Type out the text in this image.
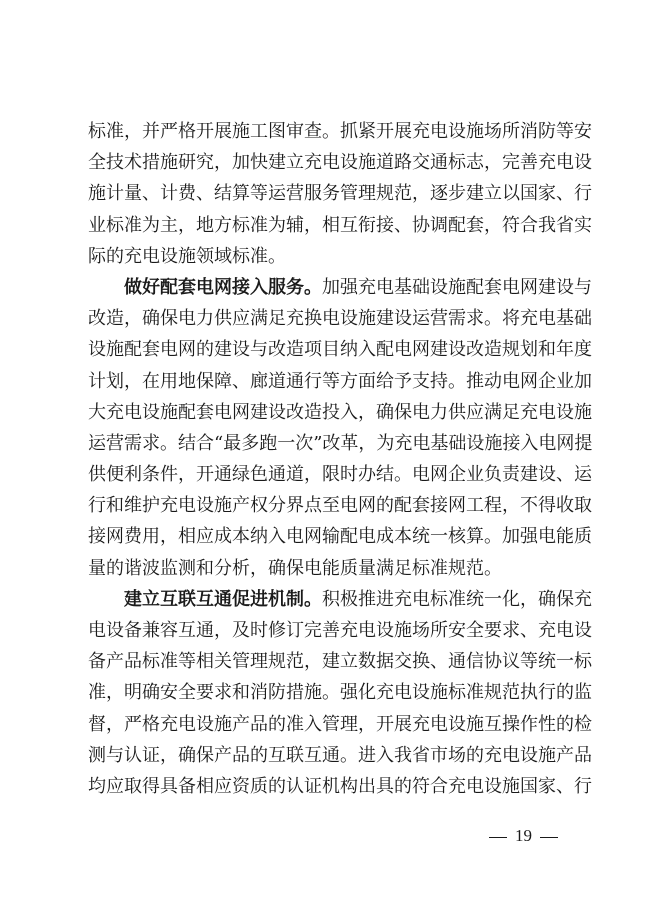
标准，并严格开展施工图审查。抓紧开展充电设施场所消防等安
全技术措施研究，加快建立充电设施道路交通标志，完善充电设
施计量、计费、结算等运营服务管理规范，逐步建立以国家、行
业标准为主，地方标准为辅，相互衔接、协调配套，符合我省实
际的充电设施领域标准。
做好配套电网接入服务。加强充电基础设施配套电网建设与
改造，确保电力供应满足充换电设施建设运营需求。将充电基础
设施配套电网的建设与改造项目纳入配电网建设改造规划和年度
计划，在用地保障、廊道通行等方面给予支持。推动电网企业加
大充电设施配套电网建设改造投入，确保电力供应满足充电设施
运营需求。结合“最多跑一次”改革，为充电基础设施接入电网提
供便利条件，开通绿色通道，限时办结。电网企业负责建设、运
行和维护充电设施产权分界点至电网的配套接网工程，不得收取
接网费用，相应成本纳入电网输配电成本统一核算。加强电能质
量的谐波监测和分析，确保电能质量满足标准规范。
建立互联互通促进机制。积极推进充电标准统一化，确保充
电设备兼容互通，及时修订完善充电设施场所安全要求、充电设
备产品标准等相关管理规范，建立数据交换、通信协议等统一标
准，明确安全要求和消防措施。强化充电设施标准规范执行的监
督，严格充电设施产品的准入管理，开展充电设施互操作性的检
测与认证，确保产品的互联互通。进入我省市场的充电设施产品
均应取得具备相应资质的认证机构出具的符合充电设施国家、行
19
